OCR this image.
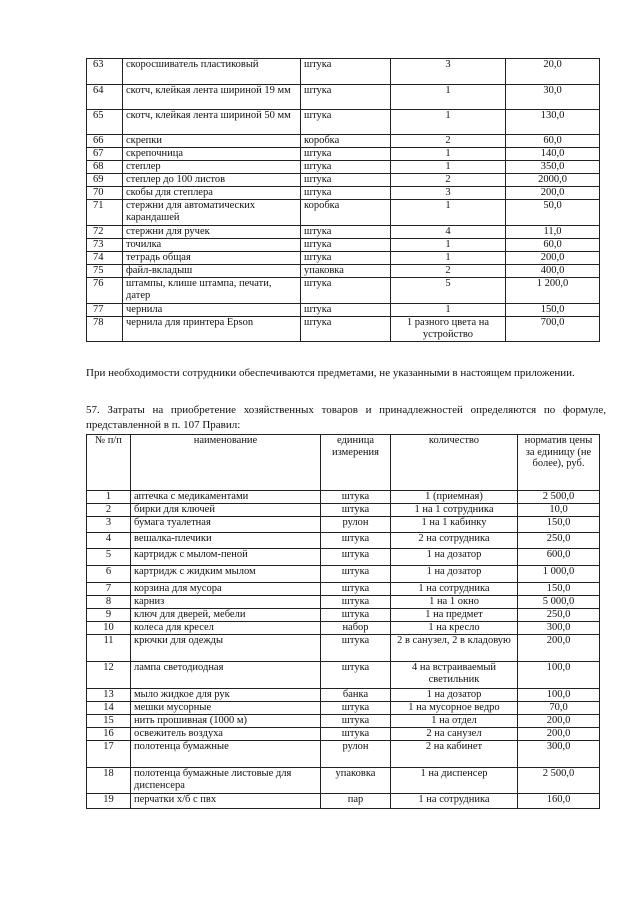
63	скоросшиватель пластиковый	штука	3	20,0
64	скотч, клейкая лента шириной 19 мм	штука	1	30,0
65	скотч, клейкая лента шириной 50 мм	штука	1	130,0
66	скрепки	коробка	2	60,0
67	скрепочница	штука	1	140,0
68	степлер	штука	1	350,0
69	степлер до 100 листов	штука	2	2000,0
70	скобы для степлера	штука	3	200,0
71	стержни для автоматических карандашей	коробка	1	50,0
72	стержни для ручек	штука	4	11,0
73	точилка	штука	1	60,0
74	тетрадь общая	штука	1	200,0
75	файл-вкладыш	упаковка	2	400,0
76	штампы, клише штампа, печати, датер	штука	5	1 200,0
77	чернила	штука	1	150,0
78	чернила для принтера Epson	штука	1 разного цвета на устройство	700,0
При необходимости сотрудники обеспечиваются предметами, не указанными в настоящем приложении.
57. Затраты на приобретение хозяйственных товаров и принадлежностей определяются по формуле, представленной в п. 107 Правил:
№ п/п	наименование	единица измерения	количество	норматив цены за единицу (не более), руб.
1	аптечка с медикаментами	штука	1 (приемная)	2 500,0
2	бирки для ключей	штука	1 на 1 сотрудника	10,0
3	бумага туалетная	рулон	1 на 1 кабинку	150,0
4	вешалка-плечики	штука	2 на сотрудника	250,0
5	картридж с мылом-пеной	штука	1 на дозатор	600,0
6	картридж с жидким мылом	штука	1 на дозатор	1 000,0
7	корзина для мусора	штука	1 на сотрудника	150,0
8	карниз	штука	1 на 1 окно	5 000,0
9	ключ для дверей, мебели	штука	1 на предмет	250,0
10	колеса для кресел	набор	1 на кресло	300,0
11	крючки для одежды	штука	2 в санузел, 2 в кладовую	200,0
12	лампа светодиодная	штука	4 на встраиваемый светильник	100,0
13	мыло жидкое для рук	банка	1 на дозатор	100,0
14	мешки мусорные	штука	1 на мусорное ведро	70,0
15	нить прошивная (1000 м)	штука	1 на отдел	200,0
16	освежитель воздуха	штука	2 на санузел	200,0
17	полотенца бумажные	рулон	2 на кабинет	300,0
18	полотенца бумажные листовые для диспенсера	упаковка	1 на диспенсер	2 500,0
19	перчатки х/б с пвх	пар	1 на сотрудника	160,0
